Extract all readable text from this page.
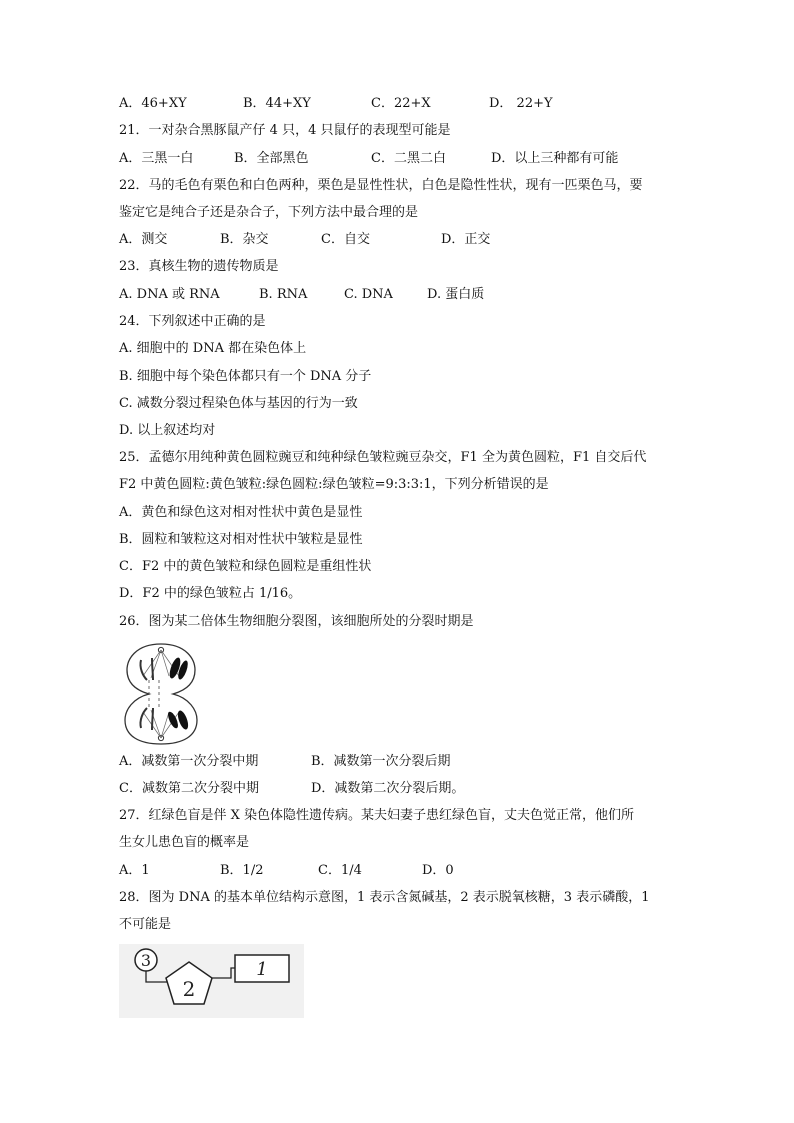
A．46+XY	B．44+XY	C．22+X	D． 22+Y
21．一对杂合黑豚鼠产仔 4 只，4 只鼠仔的表现型可能是
A．三黑一白	B．全部黑色	C．二黑二白	D．以上三种都有可能
22．马的毛色有栗色和白色两种，栗色是显性性状，白色是隐性性状，现有一匹栗色马，要
鉴定它是纯合子还是杂合子，下列方法中最合理的是
A．测交	B．杂交	C．自交	D．正交
23．真核生物的遗传物质是
A. DNA 或 RNA	B. RNA	C. DNA	D. 蛋白质
24．下列叙述中正确的是
A. 细胞中的 DNA 都在染色体上
B. 细胞中每个染色体都只有一个 DNA 分子
C. 减数分裂过程染色体与基因的行为一致
D. 以上叙述均对
25．孟德尔用纯种黄色圆粒豌豆和纯种绿色皱粒豌豆杂交，F1 全为黄色圆粒，F1 自交后代
F2 中黄色圆粒:黄色皱粒:绿色圆粒:绿色皱粒=9:3:3:1，下列分析错误的是
A．黄色和绿色这对相对性状中黄色是显性
B．圆粒和皱粒这对相对性状中皱粒是显性
C．F2 中的黄色皱粒和绿色圆粒是重组性状
D．F2 中的绿色皱粒占 1/16。
26．图为某二倍体生物细胞分裂图，该细胞所处的分裂时期是
A．减数第一次分裂中期	B．减数第一次分裂后期
C．减数第二次分裂中期	D．减数第二次分裂后期。
27．红绿色盲是伴 X 染色体隐性遗传病。某夫妇妻子患红绿色盲，丈夫色觉正常，他们所
生女儿患色盲的概率是
A．1	B．1/2	C．1/4	D．0
28．图为 DNA 的基本单位结构示意图，1 表示含氮碱基，2 表示脱氧核糖，3 表示磷酸，1
不可能是
3
2
1
